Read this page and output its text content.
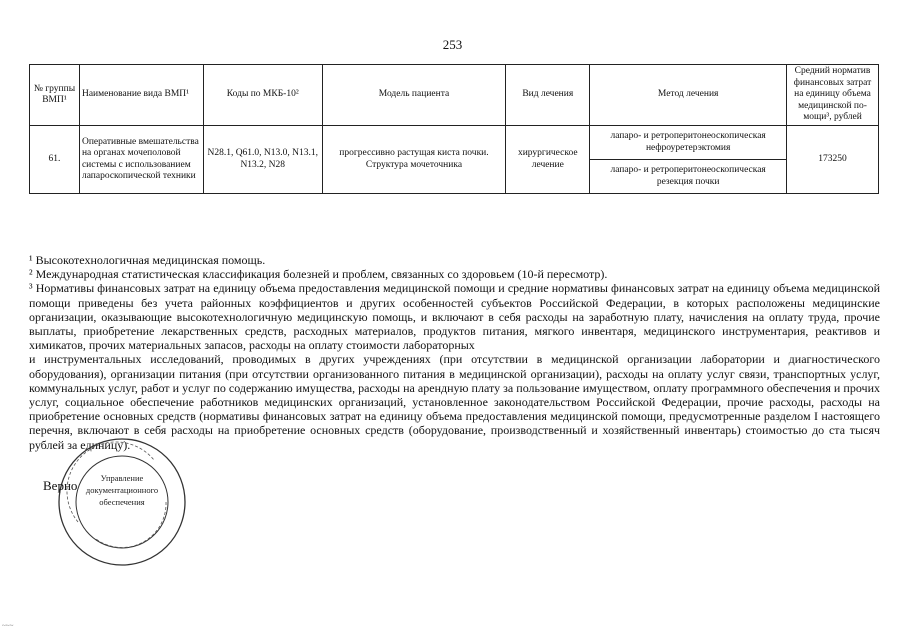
253
№ группы ВМП¹	Наименование вида ВМП¹	Коды по МКБ-10²	Модель пациента	Вид лечения	Метод лечения	Средний норматив финансовых затрат на единицу объема медицинской по-мощи³, рублей
61.	Оперативные вмешательства на органах мочеполовой системы с использованием лапароскопической техники	N28.1, Q61.0, N13.0, N13.1, N13.2, N28	прогрессивно растущая киста почки. Структура мочеточника	хирургическое лечение	лапаро- и ретроперитонеоскопическая нефроуретерэктомия	173250
					лапаро- и ретроперитонеоскопическая резекция почки	

¹ Высокотехнологичная медицинская помощь.

² Международная статистическая классификация болезней и проблем, связанных со здоровьем (10-й пересмотр).

³ Нормативы финансовых затрат на единицу объема предоставления медицинской помощи и средние нормативы финансовых затрат на единицу объема медицинской помощи приведены без учета районных коэффициентов и других особенностей субъектов Российской Федерации, в которых расположены медицинские организации, оказывающие высокотехнологичную медицинскую помощь, и включают в себя расходы на заработную плату, начисления на оплату труда, прочие выплаты, приобретение лекарственных средств, расходных материалов, продуктов питания, мягкого инвентаря, медицинского инструментария, реактивов и химикатов, прочих материальных запасов, расходы на оплату стоимости лабораторных

и инструментальных исследований, проводимых в других учреждениях (при отсутствии в медицинской организации лаборатории и диагностического оборудования), организации питания (при отсутствии организованного питания в медицинской организации), расходы на оплату услуг связи, транспортных услуг, коммунальных услуг, работ и услуг по содержанию имущества, расходы на арендную плату за пользование имуществом, оплату программного обеспечения и прочих услуг, социальное обеспечение работников медицинских организаций, установленное законодательством Российской Федерации, прочие расходы, расходы на приобретение основных средств (нормативы финансовых затрат на единицу объема предоставления медицинской помощи, предусмотренные разделом I настоящего перечня, включают в себя расходы на приобретение основных средств (оборудование, производственный и хозяйственный инвентарь) стоимостью до ста тысяч рублей за единицу).

Управление
документационного
обеспечения
Верно
~~~
